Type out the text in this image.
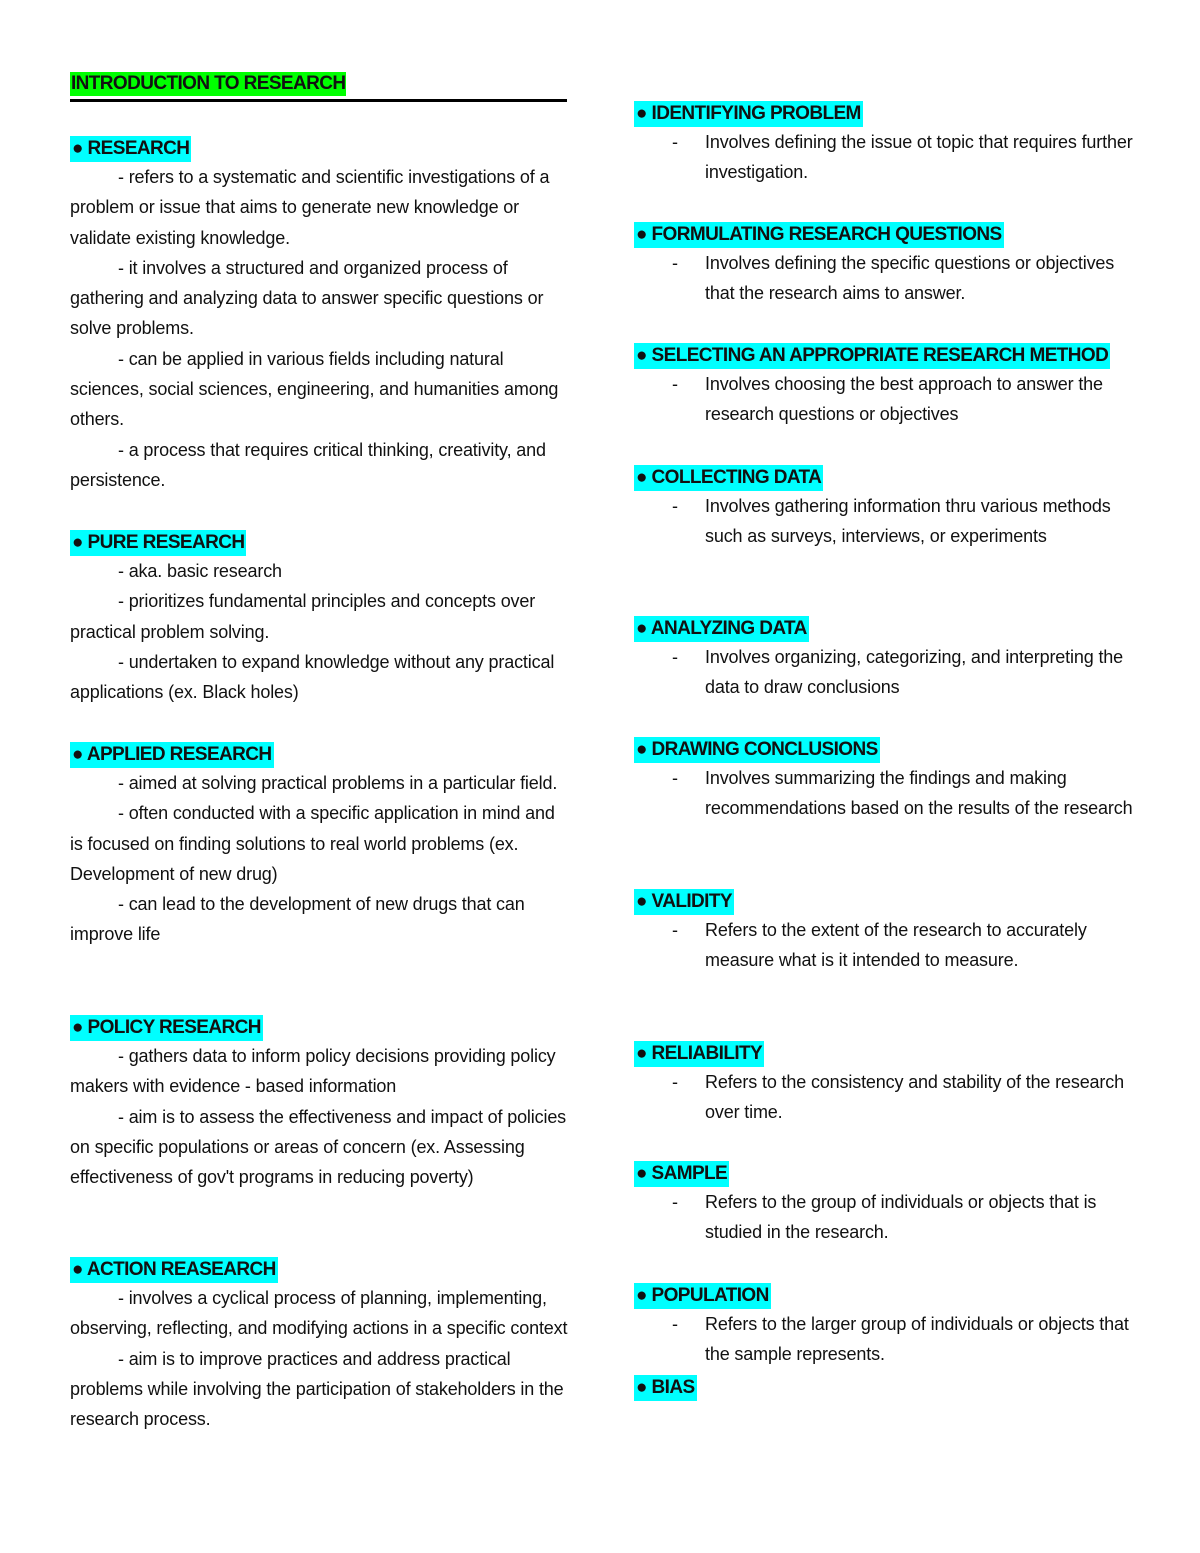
INTRODUCTION TO RESEARCH
● RESEARCH

- refers to a systematic and scientific investigations of a problem or issue that aims to generate new knowledge or validate existing knowledge.

- it involves a structured and organized process of gathering and analyzing data to answer specific questions or solve problems.

- can be applied in various fields including natural sciences, social sciences, engineering, and humanities among others.

- a process that requires critical thinking, creativity, and persistence.

● PURE RESEARCH

- aka. basic research

- prioritizes fundamental principles and concepts over practical problem solving.

- undertaken to expand knowledge without any practical applications (ex. Black holes)

● APPLIED RESEARCH

- aimed at solving practical problems in a particular field.

- often conducted with a specific application in mind and is focused on finding solutions to real world problems (ex. Development of new drug)

- can lead to the development of new drugs that can improve life

● POLICY RESEARCH

- gathers data to inform policy decisions providing policy makers with evidence - based information

- aim is to assess the effectiveness and impact of policies on specific populations or areas of concern (ex. Assessing effectiveness of gov't programs in reducing poverty)

● ACTION REASEARCH

- involves a cyclical process of planning, implementing, observing, reflecting, and modifying actions in a specific context

- aim is to improve practices and address practical problems while involving the participation of stakeholders in the research process.

● IDENTIFYING PROBLEM
- Involves defining the issue ot topic that requires further investigation.
● FORMULATING RESEARCH QUESTIONS
- Involves defining the specific questions or objectives that the research aims to answer.
● SELECTING AN APPROPRIATE RESEARCH METHOD
- Involves choosing the best approach to answer the research questions or objectives
● COLLECTING DATA
- Involves gathering information thru various methods such as surveys, interviews, or experiments
● ANALYZING DATA
- Involves organizing, categorizing, and interpreting the data to draw conclusions
● DRAWING CONCLUSIONS
- Involves summarizing the findings and making recommendations based on the results of the research
● VALIDITY
- Refers to the extent of the research to accurately measure what is it intended to measure.
● RELIABILITY
- Refers to the consistency and stability of the research over time.
● SAMPLE
- Refers to the group of individuals or objects that is studied in the research.
● POPULATION
- Refers to the larger group of individuals or objects that the sample represents.
● BIAS
